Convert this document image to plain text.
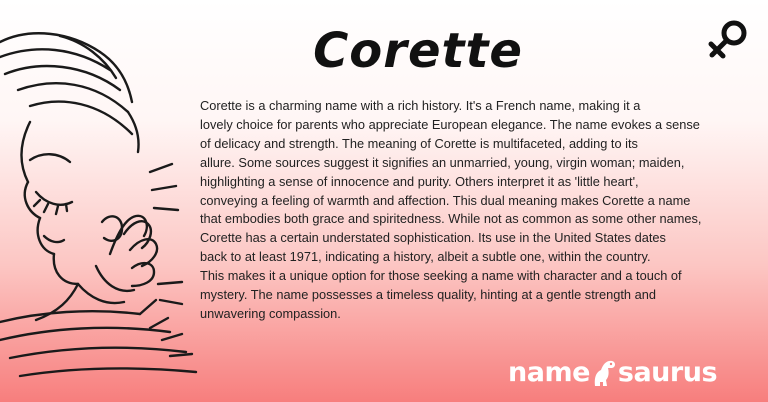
Corette
Corette is a charming name with a rich history. It's a French name, making it a
lovely choice for parents who appreciate European elegance. The name evokes a sense
of delicacy and strength. The meaning of Corette is multifaceted, adding to its
allure. Some sources suggest it signifies an unmarried, young, virgin woman; maiden,
highlighting a sense of innocence and purity. Others interpret it as 'little heart',
conveying a feeling of warmth and affection. This dual meaning makes Corette a name
that embodies both grace and spiritedness. While not as common as some other names,
Corette has a certain understated sophistication. Its use in the United States dates
back to at least 1971, indicating a history, albeit a subtle one, within the country.
This makes it a unique option for those seeking a name with character and a touch of
mystery. The name possesses a timeless quality, hinting at a gentle strength and
unwavering compassion.
name saurus
